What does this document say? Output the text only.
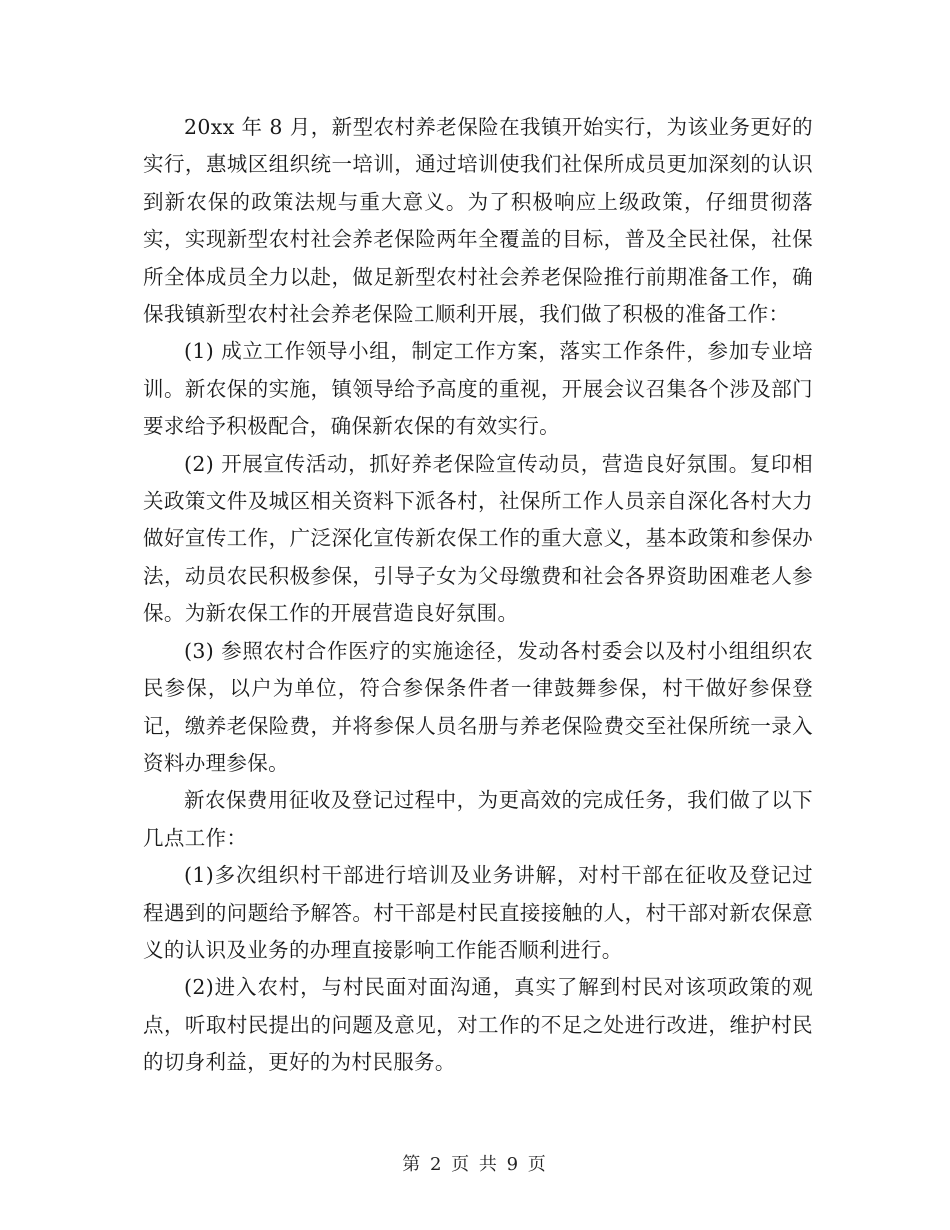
20xx 年 8 月，新型农村养老保险在我镇开始实行，为该业务更好的实行，惠城区组织统一培训，通过培训使我们社保所成员更加深刻的认识到新农保的政策法规与重大意义。为了积极响应上级政策，仔细贯彻落实，实现新型农村社会养老保险两年全覆盖的目标，普及全民社保，社保所全体成员全力以赴，做足新型农村社会养老保险推行前期准备工作，确保我镇新型农村社会养老保险工顺利开展，我们做了积极的准备工作：

(1) 成立工作领导小组，制定工作方案，落实工作条件，参加专业培训。新农保的实施，镇领导给予高度的重视，开展会议召集各个涉及部门要求给予积极配合，确保新农保的有效实行。

(2) 开展宣传活动，抓好养老保险宣传动员，营造良好氛围。复印相关政策文件及城区相关资料下派各村，社保所工作人员亲自深化各村大力做好宣传工作，广泛深化宣传新农保工作的重大意义，基本政策和参保办法，动员农民积极参保，引导子女为父母缴费和社会各界资助困难老人参保。为新农保工作的开展营造良好氛围。

(3) 参照农村合作医疗的实施途径，发动各村委会以及村小组组织农民参保，以户为单位，符合参保条件者一律鼓舞参保，村干做好参保登记，缴养老保险费，并将参保人员名册与养老保险费交至社保所统一录入资料办理参保。

新农保费用征收及登记过程中，为更高效的完成任务，我们做了以下几点工作：

(1)多次组织村干部进行培训及业务讲解，对村干部在征收及登记过程遇到的问题给予解答。村干部是村民直接接触的人，村干部对新农保意义的认识及业务的办理直接影响工作能否顺利进行。

(2)进入农村，与村民面对面沟通，真实了解到村民对该项政策的观点，听取村民提出的问题及意见，对工作的不足之处进行改进，维护村民的切身利益，更好的为村民服务。

第 2 页 共 9 页
